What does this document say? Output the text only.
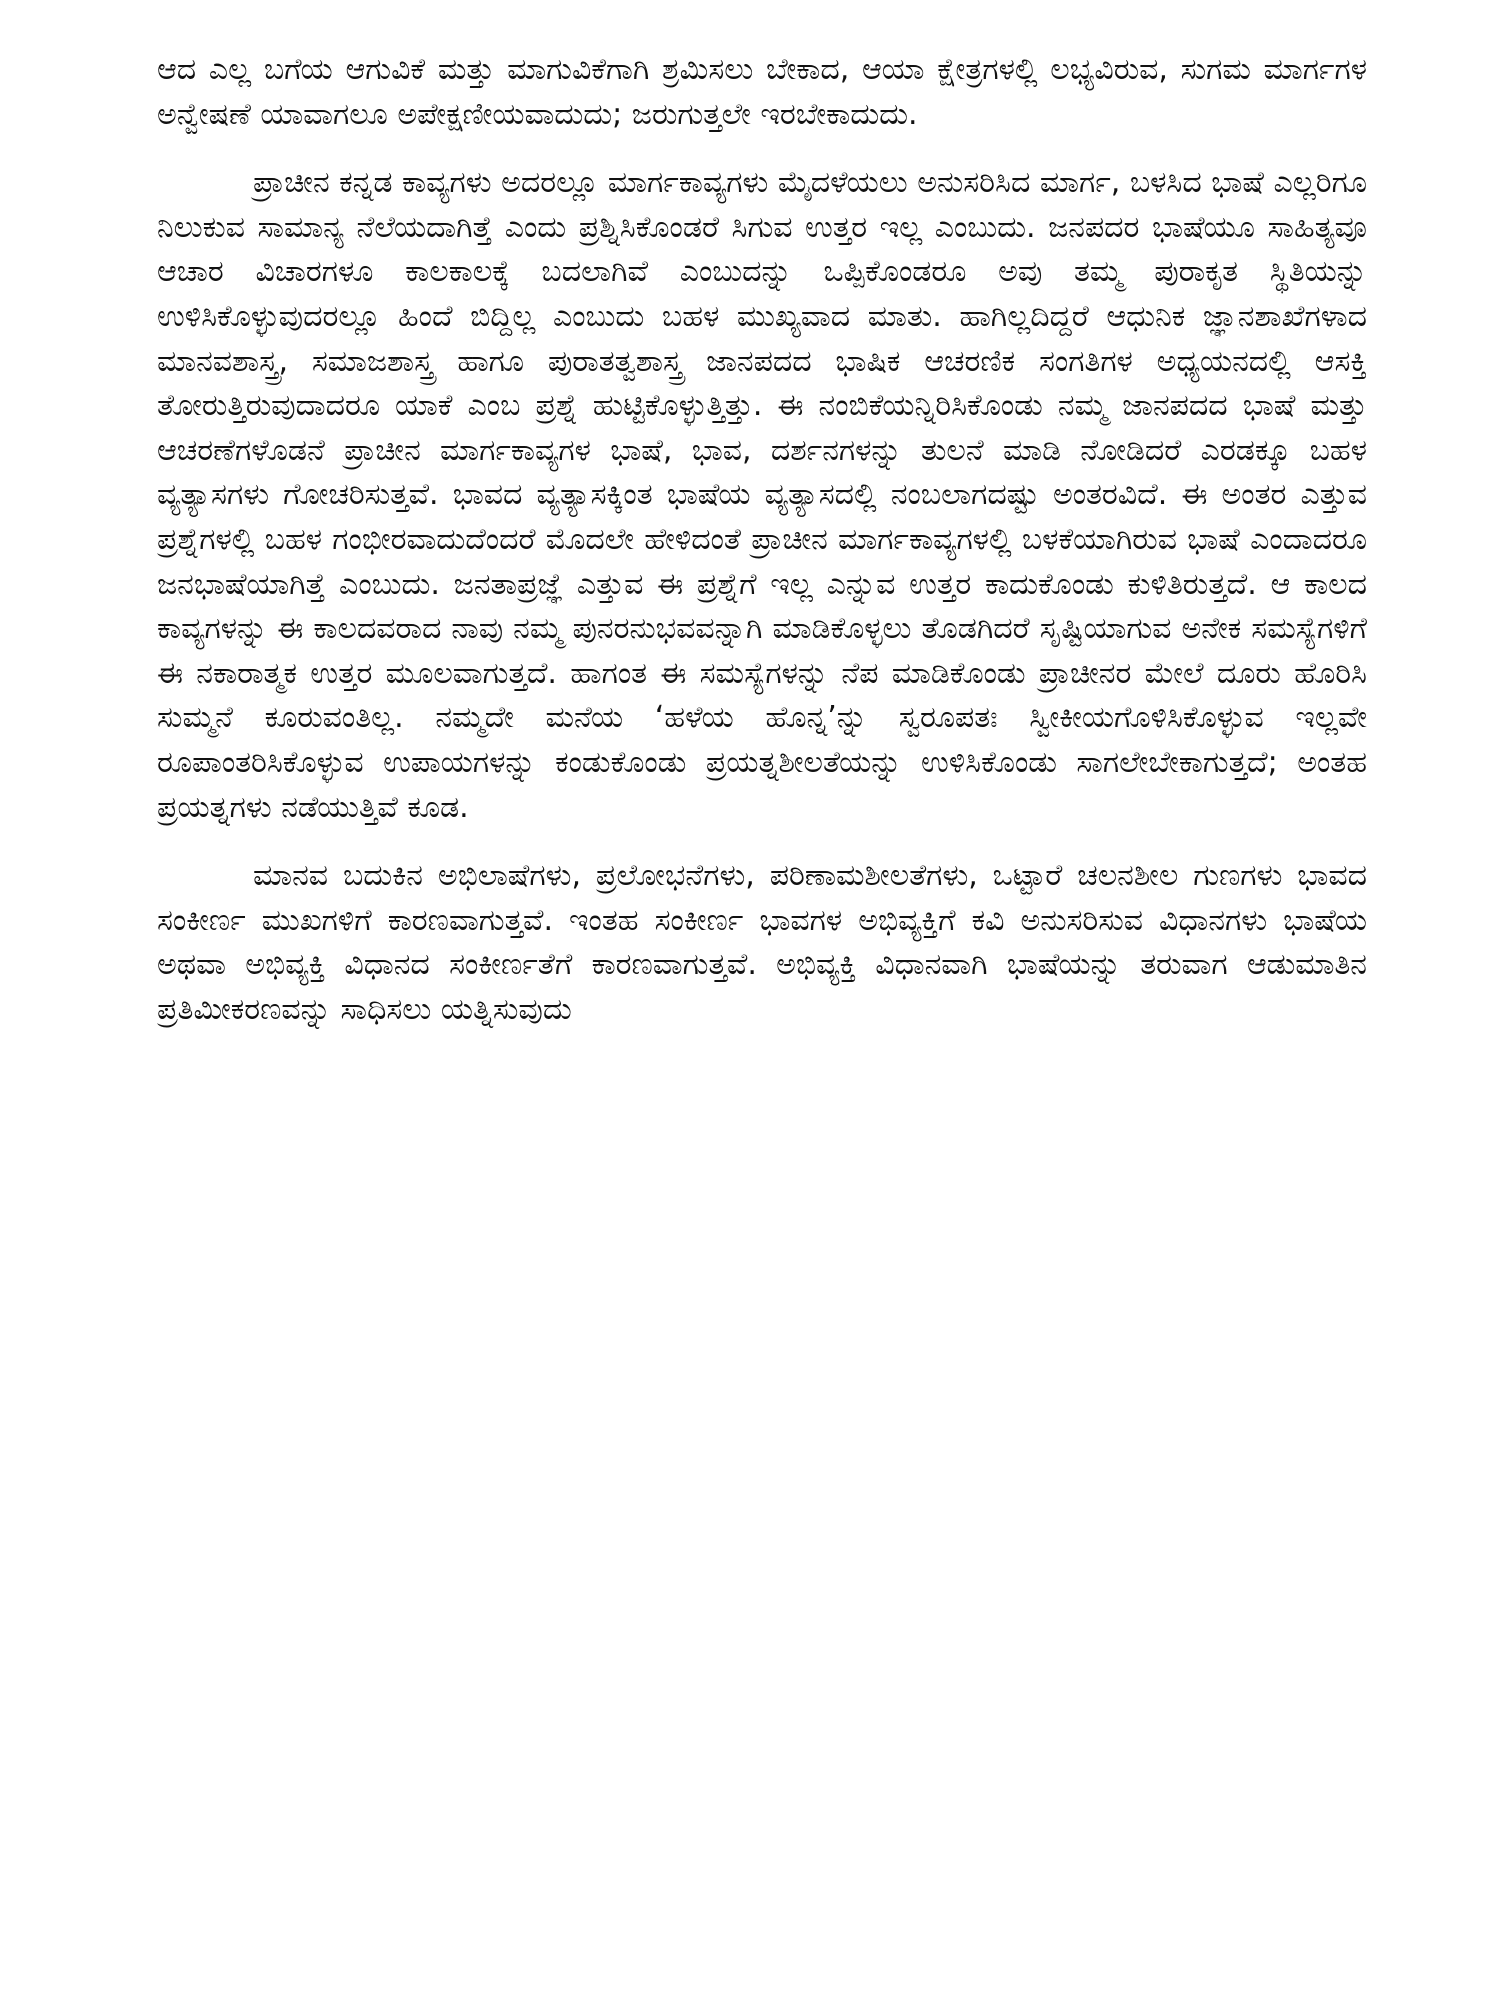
ಆದ ಎಲ್ಲ ಬಗೆಯ ಆಗುವಿಕೆ ಮತ್ತು ಮಾಗುವಿಕೆಗಾಗಿ ಶ್ರಮಿಸಲು ಬೇಕಾದ, ಆಯಾ ಕ್ಷೇತ್ರಗಳಲ್ಲಿ ಲಭ್ಯವಿರುವ, ಸುಗಮ ಮಾರ್ಗಗಳ ಅನ್ವೇಷಣೆ ಯಾವಾಗಲೂ ಅಪೇಕ್ಷಣೀಯವಾದುದು; ಜರುಗುತ್ತಲೇ ಇರಬೇಕಾದುದು.

ಪ್ರಾಚೀನ ಕನ್ನಡ ಕಾವ್ಯಗಳು ಅದರಲ್ಲೂ ಮಾರ್ಗಕಾವ್ಯಗಳು ಮೈದಳೆಯಲು ಅನುಸರಿಸಿದ ಮಾರ್ಗ, ಬಳಸಿದ ಭಾಷೆ ಎಲ್ಲರಿಗೂ ನಿಲುಕುವ ಸಾಮಾನ್ಯ ನೆಲೆಯದಾಗಿತ್ತೆ ಎಂದು ಪ್ರಶ್ನಿಸಿಕೊಂಡರೆ ಸಿಗುವ ಉತ್ತರ ಇಲ್ಲ ಎಂಬುದು. ಜನಪದರ ಭಾಷೆಯೂ ಸಾಹಿತ್ಯವೂ ಆಚಾರ ವಿಚಾರಗಳೂ ಕಾಲಕಾಲಕ್ಕೆ ಬದಲಾಗಿವೆ ಎಂಬುದನ್ನು ಒಪ್ಪಿಕೊಂಡರೂ ಅವು ತಮ್ಮ ಪುರಾಕೃತ ಸ್ಥಿತಿಯನ್ನು ಉಳಿಸಿಕೊಳ್ಳುವುದರಲ್ಲೂ ಹಿಂದೆ ಬಿದ್ದಿಲ್ಲ ಎಂಬುದು ಬಹಳ ಮುಖ್ಯವಾದ ಮಾತು. ಹಾಗಿಲ್ಲದಿದ್ದರೆ ಆಧುನಿಕ ಜ್ಞಾನಶಾಖೆಗಳಾದ ಮಾನವಶಾಸ್ತ್ರ, ಸಮಾಜಶಾಸ್ತ್ರ ಹಾಗೂ ಪುರಾತತ್ವಶಾಸ್ತ್ರ ಜಾನಪದದ ಭಾಷಿಕ ಆಚರಣಿಕ ಸಂಗತಿಗಳ ಅಧ್ಯಯನದಲ್ಲಿ ಆಸಕ್ತಿ ತೋರುತ್ತಿರುವುದಾದರೂ ಯಾಕೆ ಎಂಬ ಪ್ರಶ್ನೆ ಹುಟ್ಟಿಕೊಳ್ಳುತ್ತಿತ್ತು. ಈ ನಂಬಿಕೆಯನ್ನಿರಿಸಿಕೊಂಡು ನಮ್ಮ ಜಾನಪದದ ಭಾಷೆ ಮತ್ತು ಆಚರಣೆಗಳೊಡನೆ ಪ್ರಾಚೀನ ಮಾರ್ಗಕಾವ್ಯಗಳ ಭಾಷೆ, ಭಾವ, ದರ್ಶನಗಳನ್ನು ತುಲನೆ ಮಾಡಿ ನೋಡಿದರೆ ಎರಡಕ್ಕೂ ಬಹಳ ವ್ಯತ್ಯಾಸಗಳು ಗೋಚರಿಸುತ್ತವೆ. ಭಾವದ ವ್ಯತ್ಯಾಸಕ್ಕಿಂತ ಭಾಷೆಯ ವ್ಯತ್ಯಾಸದಲ್ಲಿ ನಂಬಲಾಗದಷ್ಟು ಅಂತರವಿದೆ. ಈ ಅಂತರ ಎತ್ತುವ ಪ್ರಶ್ನೆಗಳಲ್ಲಿ ಬಹಳ ಗಂಭೀರವಾದುದೆಂದರೆ ಮೊದಲೇ ಹೇಳಿದಂತೆ ಪ್ರಾಚೀನ ಮಾರ್ಗಕಾವ್ಯಗಳಲ್ಲಿ ಬಳಕೆಯಾಗಿರುವ ಭಾಷೆ ಎಂದಾದರೂ ಜನಭಾಷೆಯಾಗಿತ್ತೆ ಎಂಬುದು. ಜನತಾಪ್ರಜ್ಞೆ ಎತ್ತುವ ಈ ಪ್ರಶ್ನೆಗೆ ಇಲ್ಲ ಎನ್ನುವ ಉತ್ತರ ಕಾದುಕೊಂಡು ಕುಳಿತಿರುತ್ತದೆ. ಆ ಕಾಲದ ಕಾವ್ಯಗಳನ್ನು ಈ ಕಾಲದವರಾದ ನಾವು ನಮ್ಮ ಪುನರನುಭವವನ್ನಾಗಿ ಮಾಡಿಕೊಳ್ಳಲು ತೊಡಗಿದರೆ ಸೃಷ್ಟಿಯಾಗುವ ಅನೇಕ ಸಮಸ್ಯೆಗಳಿಗೆ ಈ ನಕಾರಾತ್ಮಕ ಉತ್ತರ ಮೂಲವಾಗುತ್ತದೆ. ಹಾಗಂತ ಈ ಸಮಸ್ಯೆಗಳನ್ನು ನೆಪ ಮಾಡಿಕೊಂಡು ಪ್ರಾಚೀನರ ಮೇಲೆ ದೂರು ಹೊರಿಸಿ ಸುಮ್ಮನೆ ಕೂರುವಂತಿಲ್ಲ. ನಮ್ಮದೇ ಮನೆಯ ‘ಹಳೆಯ ಹೊನ್ನ’ನ್ನು ಸ್ವರೂಪತಃ ಸ್ವೀಕೀಯಗೊಳಿಸಿಕೊಳ್ಳುವ ಇಲ್ಲವೇ ರೂಪಾಂತರಿಸಿಕೊಳ್ಳುವ ಉಪಾಯಗಳನ್ನು ಕಂಡುಕೊಂಡು ಪ್ರಯತ್ನಶೀಲತೆಯನ್ನು ಉಳಿಸಿಕೊಂಡು ಸಾಗಲೇಬೇಕಾಗುತ್ತದೆ; ಅಂತಹ ಪ್ರಯತ್ನಗಳು ನಡೆಯುತ್ತಿವೆ ಕೂಡ.

ಮಾನವ ಬದುಕಿನ ಅಭಿಲಾಷೆಗಳು, ಪ್ರಲೋಭನೆಗಳು, ಪರಿಣಾಮಶೀಲತೆಗಳು, ಒಟ್ಟಾರೆ ಚಲನಶೀಲ ಗುಣಗಳು ಭಾವದ ಸಂಕೀರ್ಣ ಮುಖಗಳಿಗೆ ಕಾರಣವಾಗುತ್ತವೆ. ಇಂತಹ ಸಂಕೀರ್ಣ ಭಾವಗಳ ಅಭಿವ್ಯಕ್ತಿಗೆ ಕವಿ ಅನುಸರಿಸುವ ವಿಧಾನಗಳು ಭಾಷೆಯ ಅಥವಾ ಅಭಿವ್ಯಕ್ತಿ ವಿಧಾನದ ಸಂಕೀರ್ಣತೆಗೆ ಕಾರಣವಾಗುತ್ತವೆ. ಅಭಿವ್ಯಕ್ತಿ ವಿಧಾನವಾಗಿ ಭಾಷೆಯನ್ನು ತರುವಾಗ ಆಡುಮಾತಿನ ಪ್ರತಿಮೀಕರಣವನ್ನು ಸಾಧಿಸಲು ಯತ್ನಿಸುವುದು
